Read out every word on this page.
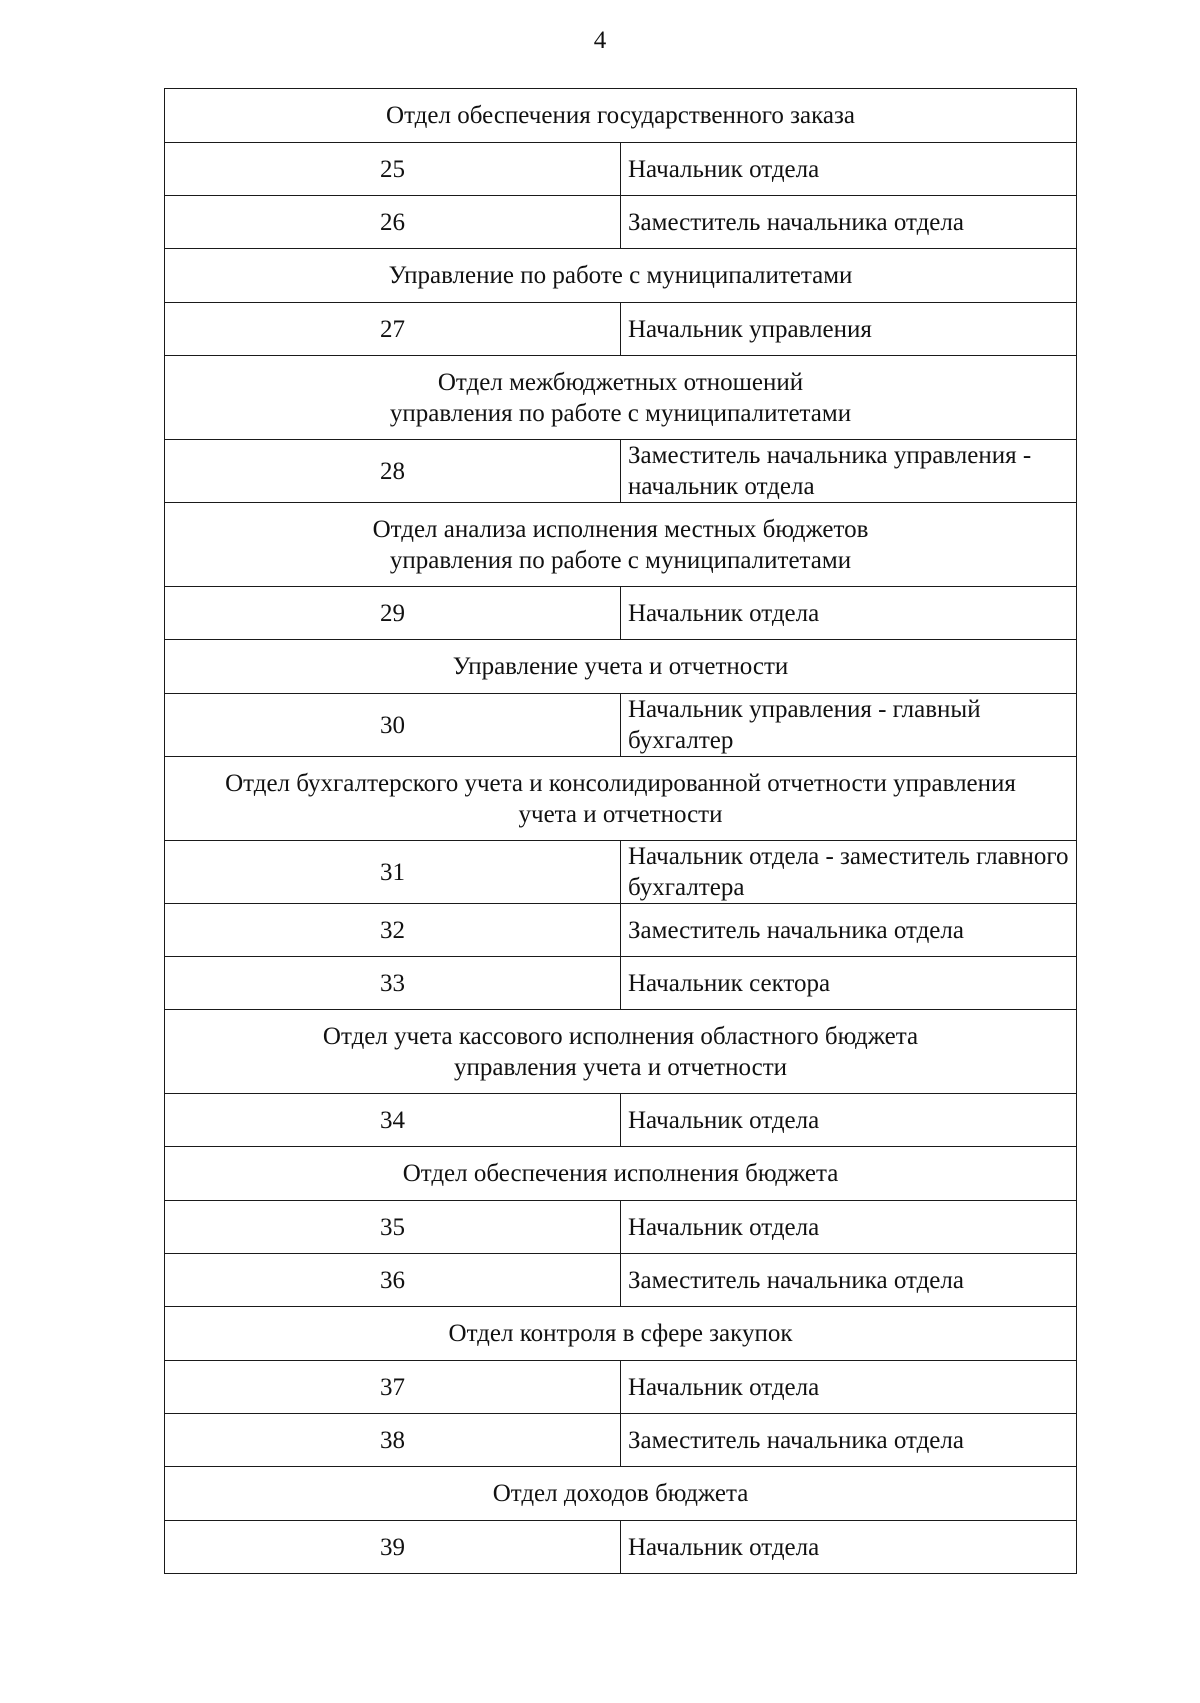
4
Отдел обеспечения государственного заказа	

25	Начальник отдела
26	Заместитель начальника отдела

Управление по работе с муниципалитетами	

27	Начальник управления

Отдел межбюджетных отношений
управления по работе с муниципалитетами	

28	Заместитель начальника управления - начальник отдела

Отдел анализа исполнения местных бюджетов
управления по работе с муниципалитетами	

29	Начальник отдела

Управление учета и отчетности	

30	Начальник управления - главный бухгалтер

Отдел бухгалтерского учета и консолидированной отчетности управления
учета и отчетности	

31	Начальник отдела - заместитель главного бухгалтера
32	Заместитель начальника отдела
33	Начальник сектора

Отдел учета кассового исполнения областного бюджета
управления учета и отчетности	

34	Начальник отдела

Отдел обеспечения исполнения бюджета	

35	Начальник отдела
36	Заместитель начальника отдела

Отдел контроля в сфере закупок	

37	Начальник отдела
38	Заместитель начальника отдела

Отдел доходов бюджета	

39	Начальник отдела
